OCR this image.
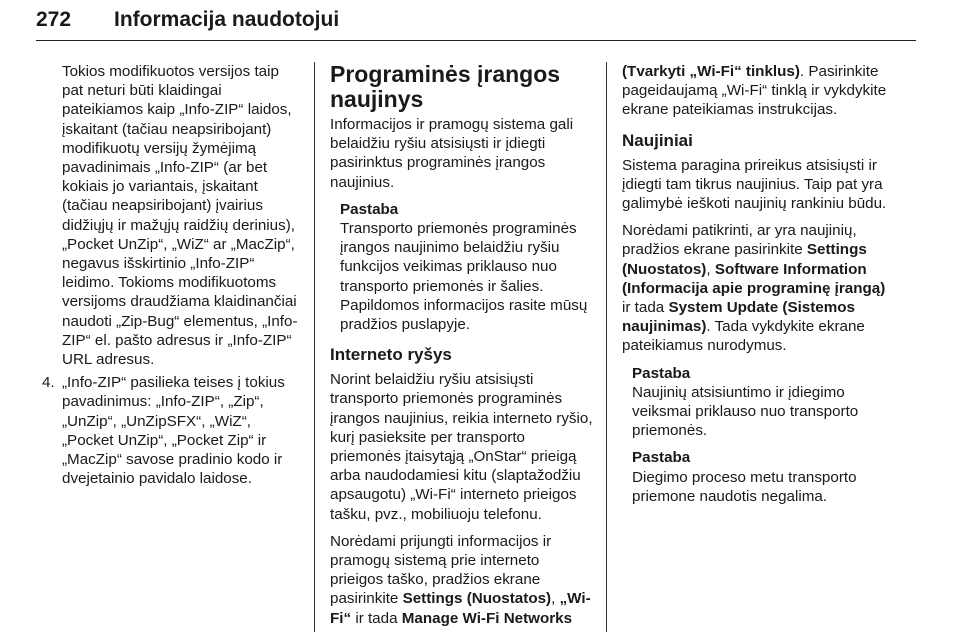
272 Informacija naudotojui

Tokios modifikuotos versijos taip pat neturi būti klaidingai pateikiamos kaip „Info-ZIP“ laidos, įskaitant (tačiau neapsiribojant) modifikuotų versijų žymėjimą pavadinimais „Info-ZIP“ (ar bet kokiais jo variantais, įskaitant (tačiau neapsiribojant) įvairius didžiųjų ir mažųjų raidžių derinius), „Pocket UnZip“, „WiZ“ ar „MacZip“, negavus išskirtinio „Info-ZIP“ leidimo. Tokioms modifikuotoms versijoms draudžiama klaidinančiai naudoti „Zip-Bug“ elementus, „Info-ZIP“ el. pašto adresus ir „Info-ZIP“ URL adresus.

4. „Info-ZIP“ pasilieka teises į tokius pavadinimus: „Info-ZIP“, „Zip“, „UnZip“, „UnZipSFX“, „WiZ“, „Pocket UnZip“, „Pocket Zip“ ir „MacZip“ savose pradinio kodo ir dvejetainio pavidalo laidose.
Programinės įrangos naujinys

Informacijos ir pramogų sistema gali belaidžiu ryšiu atsisiųsti ir įdiegti pasirinktus programinės įrangos naujinius.

Pastaba
Transporto priemonės programinės įrangos naujinimo belaidžiu ryšiu funkcijos veikimas priklauso nuo transporto priemonės ir šalies. Papildomos informacijos rasite mūsų pradžios puslapyje.
Interneto ryšys

Norint belaidžiu ryšiu atsisiųsti transporto priemonės programinės įrangos naujinius, reikia interneto ryšio, kurį pasieksite per transporto priemonės įtaisytąją „OnStar“ prieigą arba naudodamiesi kitu (slaptažodžiu apsaugotu) „Wi-Fi“ interneto prieigos tašku, pvz., mobiliuoju telefonu.

Norėdami prijungti informacijos ir pramogų sistemą prie interneto prieigos taško, pradžios ekrane pasirinkite Settings (Nuostatos), „Wi-Fi“ ir tada Manage Wi-Fi Networks

(Tvarkyti „Wi-Fi“ tinklus). Pasirinkite pageidaujamą „Wi-Fi“ tinklą ir vykdykite ekrane pateikiamas instrukcijas.

Naujiniai

Sistema paragina prireikus atsisiųsti ir įdiegti tam tikrus naujinius. Taip pat yra galimybė ieškoti naujinių rankiniu būdu.

Norėdami patikrinti, ar yra naujinių, pradžios ekrane pasirinkite Settings (Nuostatos), Software Information (Informacija apie programinę įrangą) ir tada System Update (Sistemos naujinimas). Tada vykdykite ekrane pateikiamus nurodymus.

Pastaba
Naujinių atsisiuntimo ir įdiegimo veiksmai priklauso nuo transporto priemonės.
Pastaba
Diegimo proceso metu transporto priemone naudotis negalima.
